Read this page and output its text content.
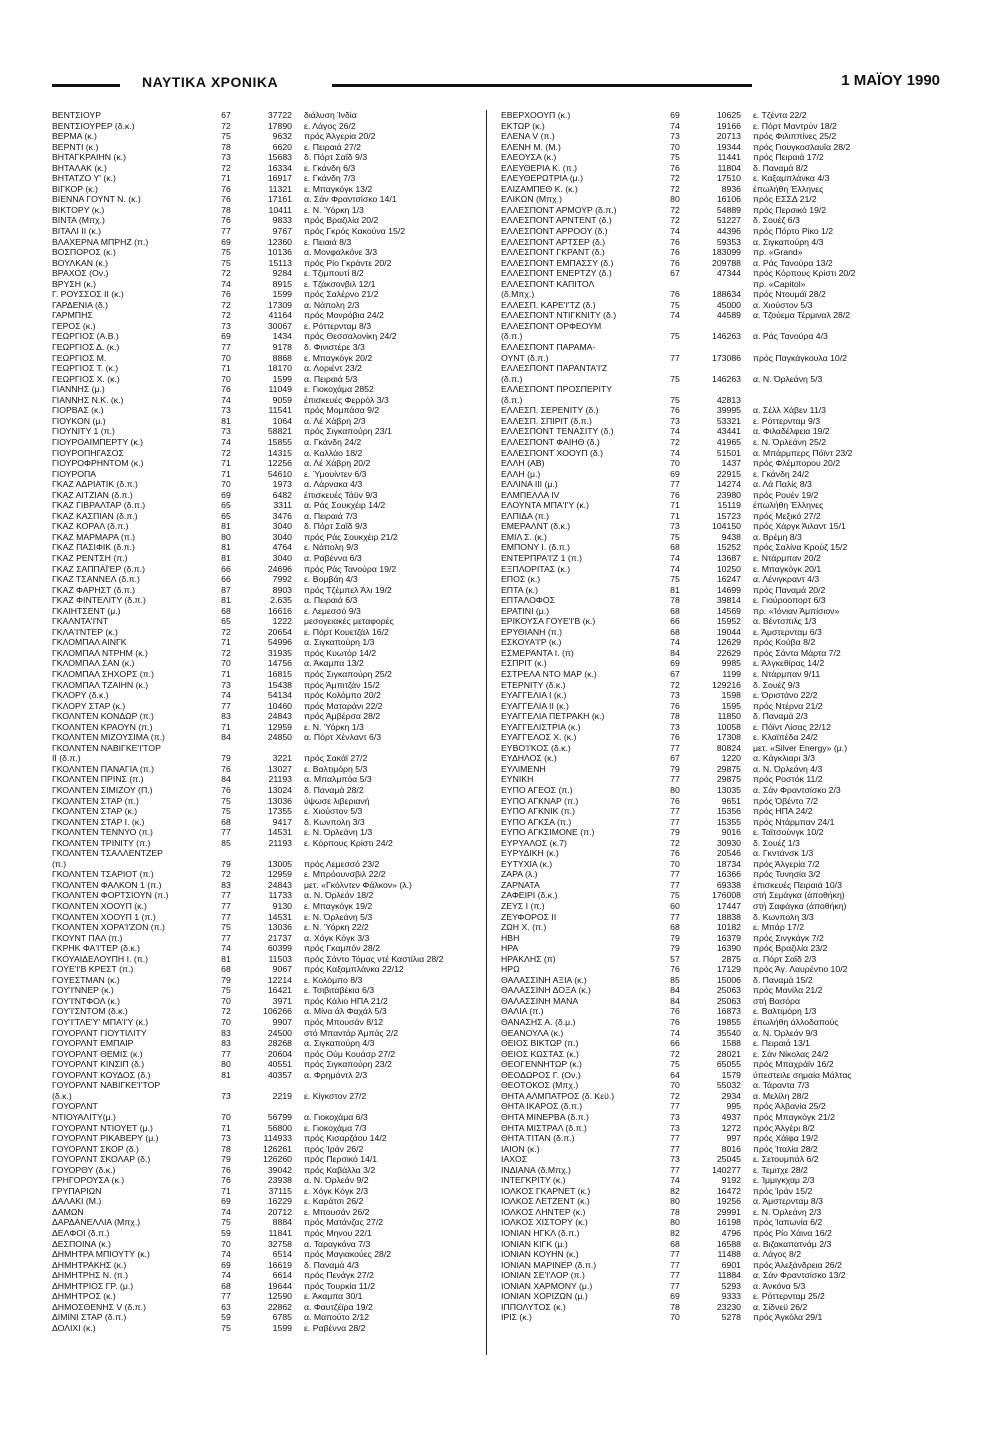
ΝΑΥΤΙΚΑ ΧΡΟΝΙΚΑ	1 ΜΑΪΟΥ 1990
ΒΕΝΤΣΙΟΥΡ	67	37722 διάλυση Ίνδία
ΒΕΝΤΣΙΟΥΡΕΡ (δ.κ.)	72	17890 ε. Λάγος 26/2
ΒΕΡΜΑ (κ.)	75	9632 πρός Άλγερία 20/2
ΒΕΡΝΤΙ (κ.)	78	6620 ε. Πειραιά 27/2
ΒΗΤΑΓΚΡΑΙΗΝ (κ.)	73	15683 δ. Πόρτ Σαΐδ 9/3
ΒΗΤΑΛΑΚ (κ.)	72	16334 ε. Γκάνδη 6/3
ΒΗΤΑΤΖΟ Υ' (κ.)	71	16917 ε. Γκάνδη 7/3
ΒΙΓΚΟΡ (κ.)	76	11321 ε. Μπαγκόγκ 13/2
ΒΙΕΝΝΑ ΓΟΥΝΤ Ν. (κ.)	76	17161 α. Σάν Φραντσίσκο 14/1
ΒΙΚΤΟΡΥ (κ.)	78	10411 ε. Ν. Ύόρκη 1/3
ΒΙΝΤΑ (Μπχ.)	76	9833 πρός Βραζιλία 20/2
ΒΙΤΑΛΙ ΙΙ (κ.)	77	9767 πρός Γκρός Κακούνα 15/2
ΒΛΑΧΕΡΝΑ ΜΠΡΗΖ (π.)	69	12360 ε. Πειαιά 8/3
ΒΟΣΠΟΡΟΣ (κ.)	75	10136 α. Μονφαλκόνε 3/3
ΒΟΥΛΚΑΝ (κ.)	75	15113 πρός Ρίο Γκράντε 20/2
ΒΡΑΧΟΣ (Ον.)	72	9284 ε. Τζιμπουτί 8/2
ΒΡΥΣΗ (κ.)	74	8915 ε. Τζάκσονβιλ 12/1
Γ. ΡΟΥΣΣΟΣ ΙΙ (κ.)	76	1599 πρός Σαλέρνο 21/2
ΓΑΡΔΕΝΙΑ (δ.)	72	17309 α. Νάπολη 2/3
ΓΑΡΜΠΗΣ	72	41164 πρός Μονρόβια 24/2
ΓΕΡΟΣ (κ.)	73	30067 ε. Ρόττερνταμ 8/3
ΓΕΩΡΓΙΟΣ (Α.Β.)	69	1434 πρός Θεσσαλονίκη 24/2
ΓΕΩΡΓΙΟΣ Δ. (κ.)	77	9178 δ. Φινιστέρε 3/3
ΓΕΩΡΓΙΟΣ Μ.	70	8868 ε. Μπαγκόγκ 20/2
ΓΕΩΡΓΙΟΣ Τ. (κ.)	71	18170 α. Λοριέντ 23/2
ΓΕΩΡΓΙΟΣ Χ. (κ.)	70	1599 α. Πειραιά 5/3
ΓΙΑΝΝΗΣ (μ.)	76	11049 ε. Γιοκοχάμα 2852
ΓΙΑΝΝΗΣ Ν.Κ. (κ.)	74	9059 έπισκευές Φερρόλ 3/3
ΓΙΟΡΒΑΣ (κ.)	73	11541 πρός Μομπάσα 9/2
ΓΙΟΥΚΟΝ (μ.)	81	1064 α. Λέ Χάβρη 2/3
ΓΙΟΥΝΙΤΥ 1 (π.)	73	58821 πρός Σιγκαπούρη 23/1
ΓΙΟΥΡΟΑΙΜΠΕΡΤΥ (κ.)	74	15855 α. Γκάνδη 24/2
ΓΙΟΥΡΟΠΗΓΑΣΟΣ	72	14315 α. Καλλάο 18/2
ΓΙΟΥΡΟΦΡΗΝΤΟΜ (κ.)	71	12256 α. Λέ Χάβρη 20/2
ΓΙΟΥΡΟΠΑ	71	54610 ε. Ύμουίντεν 6/3
ΓΚΑΖ ΑΔΡΙΑΤΙΚ (δ.π.)	70	1973 α. Λάρνακα 4/3
ΓΚΑΖ ΑΙΤΖΙΑΝ (δ.π.)	69	6482 έπισκευές Τάϋν 9/3
ΓΚΑΖ ΓΙΒΡΑΛΤΑΡ (δ.π.)	65	3311 α. Ράς Σουκχέιρ 14/2
ΓΚΑΖ ΚΑΣΠΙΑΝ (δ.π.)	65	3476 α. Πειραιά 7/3
ΓΚΑΖ ΚΟΡΑΛ (δ.π.)	81	3040 δ. Πόρτ Σαΐδ 9/3
ΓΚΑΖ ΜΑΡΜΑΡΑ (π.)	80	3040 πρός Ράς Σουκχέιρ 21/2
ΓΚΑΖ ΠΑΣΙΦΙΚ (δ.π.)	81	4764 ε. Νάπολη 9/3
ΓΚΑΖ ΡΕΝΤΣΗ (π.)	81	3040 α. Ραβέννα 6/3
ΓΚΑΖ ΣΑΠΠΑΪ'ΕΡ (δ.π.)	66	24696 πρός Ράς Τανούρα 19/2
ΓΚΑΖ ΤΣΑΝΝΕΛ (δ.π.)	66	7992 ε. Βομβάη 4/3
ΓΚΑΖ ΦΑΡΗΣΤ (δ.π.)	87	8903 πρός Τζέμπελ Άλι 19/2
ΓΚΑΖ ΦΙΝΤΕΛΙΤΥ (δ.π.)	81	2.635 α. Πειραιά 6/3
ΓΚΑΙΗΤΣΕΝΤ (μ.)	68	16616 ε. Λεμεσσό 9/3
ΓΚΑΛΝΤΑ'Ι'ΝΤ	65	1222 μεσογειακές μεταφορές
ΓΚΛΑ'Ι'ΝΤΕΡ (κ.)	72	20654 ε. Πόρτ Κουετζάλ 16/2
ΓΚΛΟΜΠΑΛ ΑΙΝΓΚ	71	54996 α. Σιγκαπούρη 1/3
ΓΚΛΟΜΠΑΛ ΝΤΡΗΜ (κ.)	72	31935 πρός Κυωτόρ 14/2
ΓΚΛΟΜΠΑΛ ΣΑΝ (κ.)	70	14756 α. Άκαμπα 13/2
ΓΚΛΟΜΠΑΛ ΣΗΧΟΡΣ (π.)	71	16815 πρός Σιγκαπούρη 25/2
ΓΚΛΟΜΠΑΛ ΤΖΑΙΗΝ (κ.)	73	15438 πρός Άμπιτζάν 15/2
ΓΚΛΟΡΥ (δ.κ.)	74	54134 πρός Κολόμπο 20/2
ΓΚΛΟΡΥ ΣΤΑΡ (κ.)	77	10460 πρός Ματαράνι 22/2
ΓΚΟΛΝΤΕΝ ΚΟΝΔΩΡ (π.)	83	24843 πρός Άμβέρσα 28/2
ΓΚΟΛΝΤΕΝ ΚΡΑΟΥΝ (π.)	71	12959 ε. Ν. Ύόρκη 1/3
ΓΚΟΛΝΤΕΝ ΜΙΖΟΥΣΙΜΑ (π.)	84	24850 α. Πόρτ Χένλαντ 6/3
ΓΚΟΛΝΤΕΝ ΝΑΒΙΓΚΕ'Ι'ΤΟΡ
ΙΙ (δ.π.)	79	3221 πρός Σακάϊ 27/2
ΓΚΟΛΝΤΕΝ ΠΑΝΑΓΙΑ (π.)	76	13027 ε. Βαλτιμόρη 5/3
ΓΚΟΛΝΤΕΝ ΠΡΙΝΣ (π.)	84	21193 α. Μπαλμπόα 5/3
ΓΚΟΛΝΤΕΝ ΣΙΜΙΖΟΥ (Π.)	76	13024 δ. Παναμά 28/2
ΓΚΟΛΝΤΕΝ ΣΤΑΡ (π.)	75	13036 ύψωσε λιβεριανή
ΓΚΟΛΝΤΕΝ ΣΤΑΡ (κ.)	75	17355 ε. Χιούστον 5/3
ΓΚΟΛΝΤΕΝ ΣΤΑΡ Ι. (κ.)	68	9417 δ. Κωνπολη 3/3
ΓΚΟΛΝΤΕΝ ΤΕΝΝΥΟ (π.)	77	14531 ε. Ν. Όρλεάνη 1/3
ΓΚΟΛΝΤΕΝ ΤΡΙΝΙΤΥ (π.)	85	21193 ε. Κόρπους Κρίστι 24/2
ΓΚΟΛΝΤΕΝ ΤΣΑΛΛΕΝΤΖΕΡ
(π.)	79	13005 πρός Λεμεσσό 23/2
ΓΚΟΛΝΤΕΝ ΤΣΑΡΙΟΤ (π.)	72	12959 ε. Μπρόουνσβιλ 22/2
ΓΚΟΛΝΤΕΝ ΦΑΛΚΟΝ 1 (π.)	83	24843 μετ. «Γκόλντεν Φάλκον» (λ.)
ΓΚΟΛΝΤΕΝ ΦΟΡΤΣΙΟΥΝ (π.)	77	11733 α. Ν. Όρλεάν 18/2
ΓΚΟΛΝΤΕΝ ΧΟΟΥΠ (κ.)	77	9130 ε. Μπαγκόγκ 19/2
ΓΚΟΛΝΤΕΝ ΧΟΟΥΠ 1 (π.)	77	14531 ε. Ν. Όρλεάνη 5/3
ΓΚΟΛΝΤΕΝ ΧΟΡΑ'Ι'ΖΟΝ (π.)	75	13036 ε. Ν. Ύόρκη 22/2
ΓΚΟΥΝΤ ΠΑΛ (π.)	77	21737 α. Χόγκ Κόγκ 3/3
ΓΚΡΗΚ ΦΑ'Ι'ΤΕΡ (δ.κ.)	74	60399 πρός Γκαμπόν 28/2
ΓΚΟΥΑΙΔΕΛΟΥΠΗ Ι. (π.)	81	11503 πρός Σάντο Τόμας ντέ Καστίλια 28/2
ΓΟΥΕ'Ι'Β ΚΡΕΣΤ (π.)	68	9067 πρός Καξαμπλάνκα 22/12
ΓΟΥΕΣΤΜΑΝ (κ.)	79	12214 ε. Κολόμπο 8/3
ΓΟΥ'Ι'ΝΝΕΡ (κ.)	75	16421 ε. Τσιβιταβέκια 6/3
ΓΟΥ'Ι'ΝΤΦΟΛ (κ.)	70	3971 πρός Κάλιο ΗΠΑ 21/2
ΓΟΥ'Ι'ΣΝΤΟΜ (δ.κ.)	72	106266 α. Μίνα άλ Φαχάλ 5/3
ΓΟΥ'Ι'ΤΛΕ'Υ' ΜΠΑ'Ι'Υ (κ.)	70	9907 πρός Μπουσάν 8/12
ΓΟΥΟΡΛΝΤ ΓΙΟΥΤΙΛΙΤΥ	83	24500 στό Μπαντάρ Άμπάς 2/2
ΓΟΥΟΡΛΝΤ ΕΜΠΑΙΡ	83	28268 α. Σιγκαπούρη 4/3
ΓΟΥΟΡΛΝΤ ΘΕΜΙΣ (κ.)	77	20604 πρός Ούμ Κουάσρ 27/2
ΓΟΥΟΡΛΝΤ ΚΙΝΣΙΠ (δ.)	80	40551 πρός Σιγκαπούρη 23/2
ΓΟΥΟΡΛΝΤ ΚΟΥΔΟΣ (δ.)	81	40357 α. Φρημάντλ 2/3
ΓΟΥΟΡΛΝΤ ΝΑΒΙΓΚΕ'Ι'ΤΟΡ
(δ.κ.)	73	2219 ε. Κίγκστον 27/2
ΓΟΥΟΡΛΝΤ
ΝΤΙΟΥΑΛΙΤΥ(μ.)	70	56799 α. Γιοκοχάμα 6/3
ΓΟΥΟΡΛΝΤ ΝΤΙΟΥΕΤ (μ.)	71	56800 ε. Γιοκοχάμα 7/3
ΓΟΥΟΡΛΝΤ ΡΙΚΑΒΕΡΥ (μ.)	73	114933 πρός Κισαρζάου 14/2
ΓΟΥΟΡΛΝΤ ΣΚΟΡ (δ.)	78	126261 πρός Ίράν 26/2
ΓΟΥΟΡΛΝΤ ΣΚΟΛΑΡ (δ.)	79	126260 πρός Περσικό 14/1
ΓΟΥΟΡΘΥ (δ.κ.)	76	39042 πρός Καβάλλα 3/2
ΓΡΗΓΟΡΟΥΣΑ (κ.)	76	23938 α. Ν. Όρλεάν 9/2
ΓΡΥΠΑΡΙΩΝ	71	37115 ε. Χόγκ Κόγκ 2/3
ΔΑΛΑΚΙ (Μ.)	69	16229 ε. Καράτσι 26/2
ΔΑΜΩΝ	74	20712 ε. Μπουσάν 26/2
ΔΑΡΔΑΝΕΛΛΙΑ (Μπχ.)	75	8884 πρός Ματάνζας 27/2
ΔΕΛΦΟΙ (δ.π.)	59	11841 πρός Μηνου 22/1
ΔΕΣΠΟΙΝΑ (κ.)	70	32758 α. Ταραγκόνα 7/3
ΔΗΜΗΤΡΑ ΜΠΙΟΥΤΥ (κ.)	74	6514 πρός Μαγιακούες 28/2
ΔΗΜΗΤΡΑΚΗΣ (κ.)	69	16619 δ. Παναμά 4/3
ΔΗΜΗΤΡΗΣ Ν. (π.)	74	6614 πρός Πενάγκ 27/2
ΔΗΜΗΤΡΙΟΣ ΓΡ. (μ.)	68	19644 πρός Τουρκία 11/2
ΔΗΜΗΤΡΟΣ (κ.)	77	12590 ε. Άκαμπα 30/1
ΔΗΜΟΣΘΕΝΗΣ V (δ.π.)	63	22862 α. Φαυτζέϊρα 19/2
ΔΙΜΙΝΙ ΣΤΑΡ (δ.π.)	59	6785 α. Μαπούτο 2/12
ΔΟΛΙΧΙ (κ.)	75	1599 ε. Ραβέννα 28/2
ΕΒΕΡΧΟΟΥΠ (κ.)	69	10625 ε. Τζέντα 22/2
ΕΚΤΩΡ (κ.)	74	19166 ε. Πόρτ Μαντρύν 18/2
ΕΛΕΝΑ V (π.)	73	20713 πρός Φιλιππίνες 25/2
ΕΛΕΝΗ Μ. (Μ.)	70	19344 πρός Γιουγκοσλαυΐα 28/2
ΕΛΕΟΥΣΑ (κ.)	75	11441 πρός Πειραιά 17/2
ΕΛΕΥΘΕΡΙΑ Κ. (π.)	76	11804 δ. Παναμά 8/2
ΕΛΕΥΘΕΡΩΤΡΙΑ (μ.)	72	17510 ε. Καξαμπλάνκα 4/3
ΕΛΙΖΑΜΠΕΘ Κ. (κ.)	72	8936 έπωλήθη Έλληνες
ΕΛΙΚΩΝ (Μπχ.)	80	16106 πρός ΕΣΣΔ 21/2
ΕΛΛΕΣΠΟΝΤ ΑΡΜΟΥΡ (δ.π.)	72	54889 πρός Περσικό 19/2
ΕΛΛΕΣΠΟΝΤ ΑΡΝΤΕΝΤ (δ.)	72	51227 δ. Σουέζ 6/3
ΕΛΛΕΣΠΟΝΤ ΑΡΡΟΟΥ (δ.)	74	44396 πρός Πόρτο Ρίκο 1/2
ΕΛΛΕΣΠΟΝΤ ΑΡΤΣΕΡ (δ.)	76	59353 α. Σιγκαπούρη 4/3
ΕΛΛΕΣΠΟΝΤ ΓΚΡΑΝΤ (δ.)	76	183099 πρ. «Grand»
ΕΛΛΕΣΠΟΝΤ ΕΜΠΑΣΣΥ (δ.)	76	209788 α. Ράς Τανούρα 13/2
ΕΛΛΕΣΠΟΝΤ ΕΝΕΡΤΖΥ (δ.)	67	47344 πρός Κόρπους Κρίστι 20/2
ΕΛΛΕΣΠΟΝΤ ΚΑΠΙΤΟΛ	πρ. «Capitol»
(δ.Μπχ.)	76	188634 πρός Ντουμάϊ 28/2
ΕΛΛΕΣΠ. ΚΑΡΕ'Ι'ΤΖ (δ.)	75	45000 α. Χιούστον 5/3
ΕΛΛΕΣΠΟΝΤ ΝΤΙΓΚΝΙΤΥ (δ.)	74	44589 α. Τζούεμα Τέρμιναλ 28/2
ΕΛΛΕΣΠΟΝΤ ΟΡΦΕΟΥΜ
(δ.π.)	75	146263 α. Ράς Τανούρα 4/3
ΕΛΛΕΣΠΟΝΤ ΠΑΡΑΜΑ-
ΟΥΝΤ (δ.π.)	77	173086 πρός Παγκάγκουλα 10/2
ΕΛΛΕΣΠΟΝΤ ΠΑΡΑΝΤΑ'Ι'Ζ
(δ.π.)	75	146263 α. Ν. Όρλεάνη 5/3
ΕΛΛΕΣΠΟΝΤ ΠΡΟΣΠΕΡΙΤΥ
(δ.π.)	75	42813
ΕΛΛΕΣΠ. ΣΕΡΕΝΙΤΥ (δ.)	76	39995 α. Σέλλ Χάβεν 11/3
ΕΛΛΕΣΠ. ΣΠΙΡΙΤ (δ.π.)	73	53321 ε. Ρόττερνταμ 9/3
ΕΛΛΕΣΠΟΝΤ ΤΕΝΑΣΙΤΥ (δ.)	74	43441 α. Φιλαδέλφεια 19/2
ΕΛΛΕΣΠΟΝΤ ΦΑΙΗΘ (δ.)	72	41965 ε. Ν. Όρλεάνη 25/2
ΕΛΛΕΣΠΟΝΤ ΧΟΟΥΠ (δ.)	74	51501 α. Μπάρμπερς Πόϊντ 23/2
ΕΛΛΗ (ΑΒ)	70	1437 πρός Φλέμπορου 20/2
ΕΛΛΗ (μ.)	69	22915 ε. Γκάνδη 24/2
ΕΛΛΙΝΑ ΙΙΙ (μ.)	77	14274 α. Λά Παλίς 8/3
ΕΛΜΠΕΛΛΑ IV	76	23980 πρός Ρουέν 19/2
ΕΛΟΥΝΤΑ ΜΠΑ'Ι'Υ (κ.)	71	15119 έπωλήθη Έλληνες
ΕΛΠΙΔΑ (π.)	71	15723 πρός Μεξικό 27/2
ΕΜΕΡΑΛΝΤ (δ.κ.)	73	104150 πρός Χάργκ Άιλαντ 15/1
ΕΜΙΛ Σ. (κ.)	75	9438 α. Βρέμη 8/3
ΕΜΠΟΝΥ Ι. (δ.π.)	68	15252 πρός Σαλίνα Κρούζ 15/2
ΕΝΤΕΡΠΡΑ'Ι'Ζ 1 (π.)	74	13687 ε. Ντάρμπαν 20/2
ΕΞΠΛΟΡΙΤΑΣ (κ.)	74	10250 ε. Μπαγκόγκ 20/1
ΕΠΟΣ (κ.)	75	16247 α. Λένιγκραντ 4/3
ΕΠΤΑ (κ.)	81	14699 πρός Παναμά 20/2
ΕΠΤΑΛΟΦΟΣ	78	39814 ε. Γιούροοπορτ 6/3
ΕΡΑΤΙΝΙ (μ.)	68	14569 πρ. «Ίόνιαν Άμπίσιον»
ΕΡΙΚΟΥΣΑ ΓΟΥΕ'Ι'Β (κ.)	66	15952 α. Βέντσπιλς 1/3
ΕΡΥΘΙΑΝΗ (π.)	68	19044 ε. Άμστερνταμ 6/3
ΕΣΚΟΥΑ'Ι'Ρ (κ.)	74	12629 πρός Κούβα 8/2
ΕΣΜΕΡΑΝΤΑ Ι. (π)	84	22629 πρός Σάντα Μάρτα 7/2
ΕΣΠΡΙΤ (κ.)	69	9985 ε. Άλγκεθίρας 14/2
ΕΣΤΡΕΛΑ ΝΤΟ ΜΑΡ (κ.)	67	1199 ε. Ντάρμπαν 9/11
ΕΤΕΡΝΙΤΥ (δ.κ.)	72	129216 δ. Σουέζ 9/3
ΕΥΑΓΓΕΛΙΑ Ι (κ.)	73	1598 ε. Όριστάνο 22/2
ΕΥΑΓΓΕΛΙΑ ΙΙ (κ.)	76	1595 πρός Ντέρνα 21/2
ΕΥΑΓΓΕΛΙΑ ΠΕΤΡΑΚΗ (κ.)	78	11850 δ. Παναμά 2/3
ΕΥΑΓΓΕΛΙΣΤΡΙΑ (κ.)	73	10058 ε. Πόϊντ Λίσας 22/12
ΕΥΑΓΓΕΛΟΣ Χ. (κ.)	76	17308 ε. Κλαϊπέδα 24/2
ΕΥΒΟ'Ι'ΚΟΣ (δ.κ.)	77	80824 μετ. «Silver Energy» (μ.)
ΕΥΔΗΛΟΣ (κ.)	67	1220 α. Κάγκλιαρι 3/3
ΕΥΛΙΜΕΝΗ	79	29875 α. Ν. Όρλεάνη 4/3
ΕΥΝΙΚΗ	77	29875 πρός Ροστόκ 11/2
ΕΥΠΟ ΑΓΕΟΣ (π.)	80	13035 α. Σάν Φραντσίσκο 2/3
ΕΥΠΟ ΑΓΚΝΑΡ (π.)	76	9651 πρός Όβέντο 7/2
ΕΥΠΟ ΑΓΚΝΙΚ (π.)	77	15356 πρός ΗΠΑ 24/2
ΕΥΠΟ ΑΓΚΣΑ (π.)	77	15355 πρός Ντάρμπαν 24/1
ΕΥΠΟ ΑΓΚΣΙΜΟΝΕ (π.)	79	9016 ε. Ταϊτσούνγκ 10/2
ΕΥΡΥΑΛΟΣ (κ.7)	72	30930 δ. Σουέζ 1/3
ΕΥΡΥΔΙΚΗ (κ.)	76	20546 α. Γκντάνσκ 1/3
ΕΥΤΥΧΙΑ (κ.)	70	18734 πρός Άλγερία 7/2
ΖΑΡΑ (λ.)	77	16366 πρός Τυνησία 3/2
ΖΑΡΝΑΤΑ	77	69338 έπισκευές Πειραιά 10/3
ΖΑΦΕΙΡΙ (δ.κ.)	75	176008 στή Σεμάγκα (άποθήκη)
ΖΕΥΣ Ι (π.)	60	17447 στή Σαφάγκα (άποθήκη)
ΖΕΥΦΟΡΟΣ ΙΙ	77	18838 δ. Κωνπολη 3/3
ΖΩΗ Χ. (π.)	68	10182 ε. Μπάρ 17/2
ΗΒΗ	79	16379 πρός Σινγκάγκ 7/2
ΗΡΑ	79	16390 πρός Βραζιλία 23/2
ΗΡΑΚΛΗΣ (π)	57	2875 α. Πόρτ Σαΐδ 2/3
ΗΡΩ	76	17129 πρός Άγ. Λαυρέντιο 10/2
ΘΑΛΑΣΣΙΝΗ ΑΞΙΑ (κ.)	85	15006 δ. Παναμά 15/2
ΘΑΛΑΣΣΙΝΗ ΔΟΞΑ (κ.)	84	25063 πρός Μανίλα 21/2
ΘΑΛΑΣΣΙΝΗ ΜΑΝΑ	84	25063 στή Βασόρα
ΘΑΛΙΑ (π.)	76	16873 ε. Βαλτιμόρη 1/3
ΘΑΝΑΣΗΣ Α. (δ.μ.)	76	19855 έπωλήθη άλλοδαπούς
ΘΕΑΝΟΥΛΑ (κ.)	74	35540 α. Ν. Όρλεάν 9/3
ΘΕΙΟΣ ΒΙΚΤΩΡ (π.)	66	1588 ε. Πειραιά 13/1
ΘΕΙΟΣ ΚΩΣΤΑΣ (κ.)	72	28021 ε. Σάν Νίκολας 24/2
ΘΕΟΓΕΝΝΗΤΩΡ (κ.)	75	65055 πρός Μπαχράϊν 16/2
ΘΕΟΔΩΡΟΣ Γ. (Ον.)	64	1579 ύπεστειλε σημαία Μάλτας
ΘΕΟΤΟΚΟΣ (Μπχ.)	70	55032 α. Τάραντα 7/3
ΘΗΤΑ ΑΛΜΠΑΤΡΟΣ (δ. Κεϋ.)	72	2934 α. Μελίλη 28/2
ΘΗΤΑ ΙΚΑΡΟΣ (δ.π.)	77	995 πρός Άλβανία 25/2
ΘΗΤΑ ΜΙΝΕΡΒΑ (δ.π.)	73	4937 πρός Μπαγκόγκ 21/2
ΘΗΤΑ ΜΙΣΤΡΑΛ (δ.π.)	73	1272 πρός Άλγέρι 8/2
ΘΗΤΑ ΤΙΤΑΝ (δ.π.)	77	997 πρός Χάϊφα 19/2
ΙΑΙΟΝ (κ.)	77	8016 πρός Ίταλία 28/2
ΙΑΧΟΣ	73	25045 ε. Σετουμπάλ 6/2
ΙΝΔΙΑΝΑ (δ.Μπχ.)	77	140277 ε. Τεμιτχε 28/2
ΙΝΤΕΓΚΡΙΤΥ (κ.)	74	9192 ε. Ίμμιγκχαμ 2/3
ΙΟΛΚΟΣ ΓΚΑΡΝΕΤ (κ.)	82	16472 πρός Ίράν 15/2
ΙΟΛΚΟΣ ΛΕΤΖΕΝΤ (κ.)	80	19256 α. Άμστερνταμ 8/3
ΙΟΛΚΟΣ ΛΗΝΤΕΡ (κ.)	78	29991 ε. Ν. Όρλεάνη 2/3
ΙΟΛΚΟΣ ΧΙΣΤΟΡΥ (κ.)	80	16198 πρός Ίαπωνία 6/2
ΙΟΝΙΑΝ ΗΓΚΛ (δ.π.)	82	4796 πρός Ρίο Χάινα 16/2
ΙΟΝΙΑΝ ΚΙΓΚ (μ.)	68	16588 α. Βιζακαπατνάμ 2/3
ΙΟΝΙΑΝ ΚΟΥΗΝ (κ.)	77	11488 α. Λάγος 8/2
ΙΟΝΙΑΝ ΜΑΡΙΝΕΡ (δ.π.)	77	6901 πρός Άλεξάνδρεια 26/2
ΙΟΝΙΑΝ ΣΕ'Ι'ΛΟΡ (π.)	77	11884 α. Σάν Φραντσίσκο 13/2
ΙΟΝΙΑΝ ΧΑΡΜΟΝΥ (μ.)	77	5293 α. Άνκόνα 5/3
ΙΟΝΙΑΝ ΧΟΡΙΖΩΝ (μ.)	69	9333 ε. Ρόττερνταμ 25/2
ΙΠΠΟΛΥΤΟΣ (κ.)	78	23230 α. Σίδνεϋ 26/2
ΙΡΙΣ (κ.)	70	5278 πρός Άγκόλα 29/1
